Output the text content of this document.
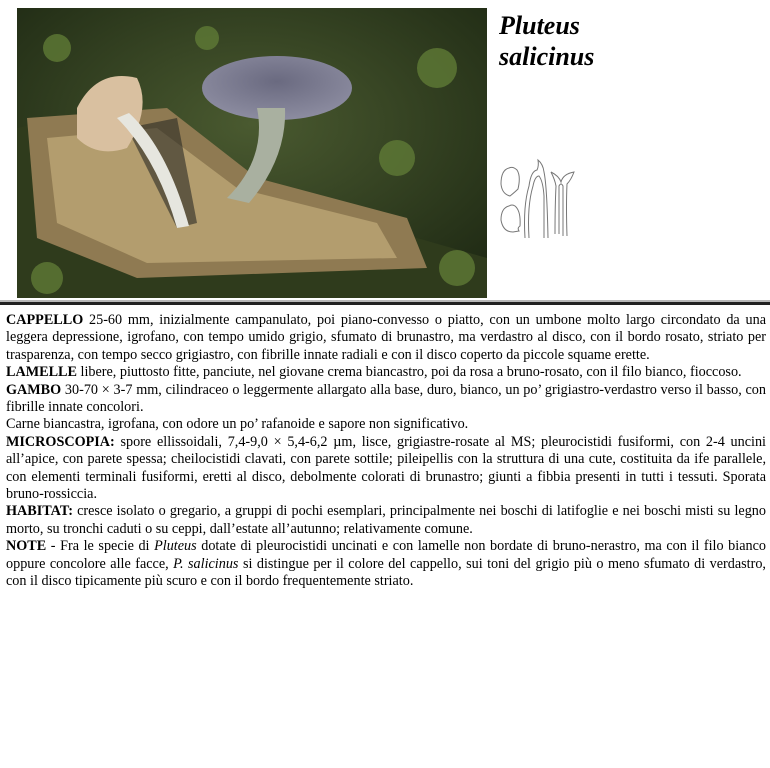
Pluteus
salicinus

CAPPELLO 25-60 mm, inizialmente campanulato, poi piano-convesso o piatto, con un umbone molto largo circondato da una leggera depressione, igrofano, con tempo umido grigio, sfumato di brunastro, ma verdastro al disco, con il bordo rosato, striato per trasparenza, con tempo secco grigiastro, con fibrille innate radiali e con il disco coperto da piccole squame erette.

LAMELLE libere, piuttosto fitte, panciute, nel giovane crema biancastro, poi da rosa a bruno-rosato, con il filo bianco, fioccoso.

GAMBO 30-70 × 3-7 mm, cilindraceo o leggermente allargato alla base, duro, bianco, un po’ grigiastro-verdastro verso il basso, con fibrille innate concolori.

Carne biancastra, igrofana, con odore un po’ rafanoide e sapore non significativo.

MICROSCOPIA: spore ellissoidali, 7,4-9,0 × 5,4-6,2 µm, lisce, grigiastre-rosate al MS; pleurocistidi fusiformi, con 2-4 uncini all’apice, con parete spessa; cheilocistidi clavati, con parete sottile; pileipellis con la struttura di una cute, costituita da ife parallele, con elementi terminali fusiformi, eretti al disco, debolmente colorati di brunastro; giunti a fibbia presenti in tutti i tessuti. Sporata bruno-rossiccia.

HABITAT: cresce isolato o gregario, a gruppi di pochi esemplari, principalmente nei boschi di latifoglie e nei boschi misti su legno morto, su tronchi caduti o su ceppi, dall’estate all’autunno; relativamente comune.

NOTE - Fra le specie di Pluteus dotate di pleurocistidi uncinati e con lamelle non bordate di bruno-nerastro, ma con il filo bianco oppure concolore alle facce, P. salicinus si distingue per il colore del cappello, sui toni del grigio più o meno sfumato di verdastro, con il disco tipicamente più scuro e con il bordo frequentemente striato.
